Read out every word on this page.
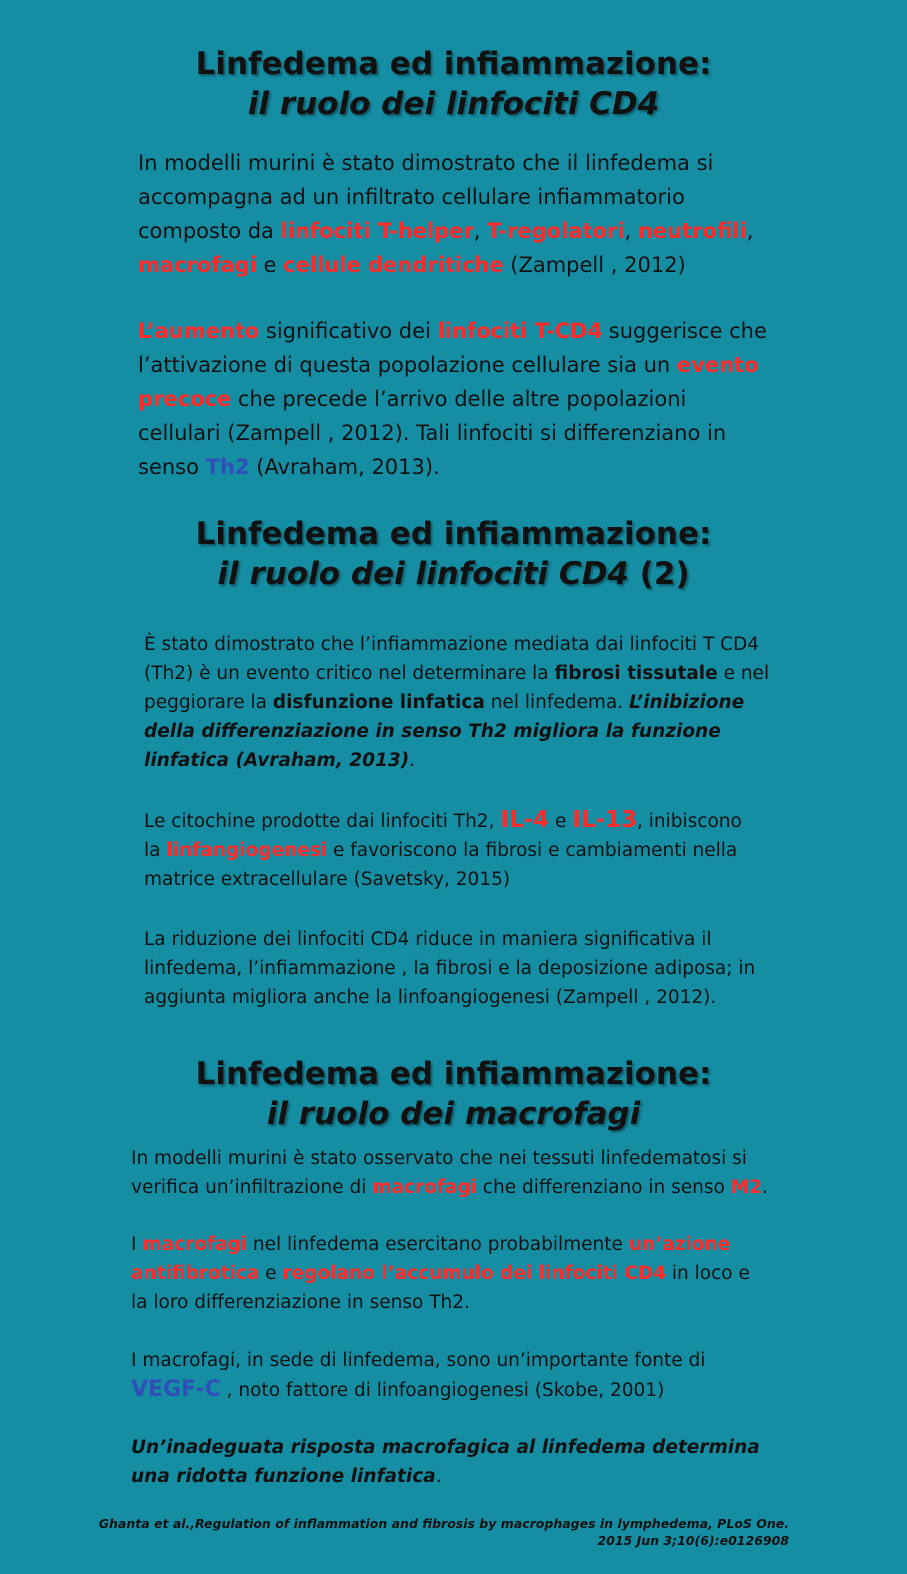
Linfedema ed infiammazione:
il ruolo dei linfociti CD4

In modelli murini è stato dimostrato che il linfedema si accompagna ad un infiltrato cellulare infiammatorio composto da linfociti T-helper, T-regolatori, neutrofili, macrofagi e cellule dendritiche (Zampell , 2012)

L’aumento significativo dei linfociti T-CD4 suggerisce che l’attivazione di questa popolazione cellulare sia un evento precoce che precede l’arrivo delle altre popolazioni cellulari (Zampell , 2012). Tali linfociti si differenziano in senso Th2 (Avraham, 2013).

Linfedema ed infiammazione:
il ruolo dei linfociti CD4 (2)

È stato dimostrato che l’infiammazione mediata dai linfociti T CD4 (Th2) è un evento critico nel determinare la fibrosi tissutale e nel peggiorare la disfunzione linfatica nel linfedema. L’inibizione della differenziazione in senso Th2 migliora la funzione linfatica (Avraham, 2013).

Le citochine prodotte dai linfociti Th2, IL-4 e IL-13, inibiscono la linfangiogenesi e favoriscono la fibrosi e cambiamenti nella matrice extracellulare (Savetsky, 2015)

La riduzione dei linfociti CD4 riduce in maniera significativa il linfedema, l’infiammazione , la fibrosi e la deposizione adiposa; in aggiunta migliora anche la linfoangiogenesi (Zampell , 2012).

Linfedema ed infiammazione:
il ruolo dei macrofagi

In modelli murini è stato osservato che nei tessuti linfedematosi si verifica un’infiltrazione di macrofagi che differenziano in senso M2.

I macrofagi nel linfedema esercitano probabilmente un’azione antifibrotica e regolano l’accumulo dei linfociti CD4 in loco e la loro differenziazione in senso Th2.

I macrofagi, in sede di linfedema, sono un’importante fonte di VEGF-C , noto fattore di linfoangiogenesi (Skobe, 2001)

Un’inadeguata risposta macrofagica al linfedema determina una ridotta funzione linfatica.

Ghanta et al.,Regulation of inflammation and fibrosis by macrophages in lymphedema, PLoS One.
2015 Jun 3;10(6):e0126908
